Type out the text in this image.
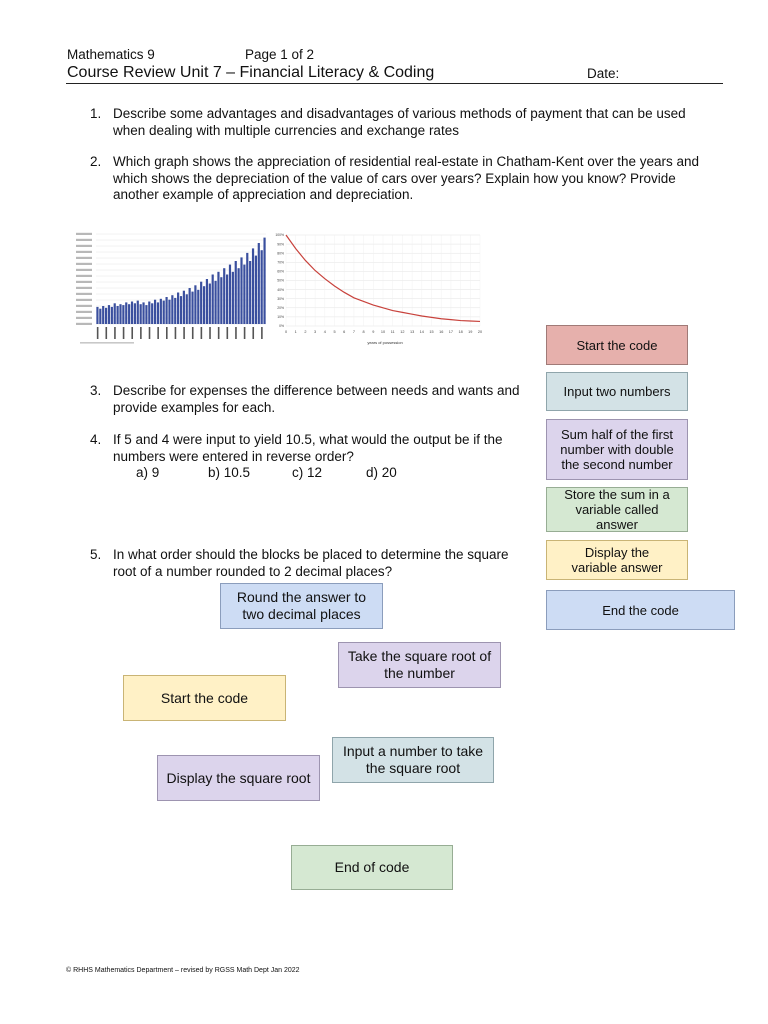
Mathematics 9	Page 1 of 2
Course Review Unit 7 – Financial Literacy & Coding	Date:
1. Describe some advantages and disadvantages of various methods of payment that can be used
when dealing with multiple currencies and exchange rates
2. Which graph shows the appreciation of residential real-estate in Chatham-Kent over the years and
which shows the depreciation of the value of cars over years? Explain how you know? Provide
another example of appreciation and depreciation.
0%
10%
20%
30%
40%
50%
60%
70%
80%
90%
100%
0 1 2 3 4 5 6 7 8 9 10 11 12 13 14 15 16 17 18 19 20
years of possession
3. Describe for expenses the difference between needs and wants and
provide examples for each.
4. If 5 and 4 were input to yield 10.5, what would the output be if the
numbers were entered in reverse order?
a) 9	b) 10.5	c) 12	d) 20
5. In what order should the blocks be placed to determine the square
root of a number rounded to 2 decimal places?
Start the code
Input two numbers
Sum half of the first number with double the second number
Store the sum in a variable called answer
Display the variable answer
End the code
Round the answer to two decimal places
Take the square root of the number
Start the code
Input a number to take the square root
Display the square root
End of code
© RHHS Mathematics Department – revised by RGSS Math Dept Jan 2022
